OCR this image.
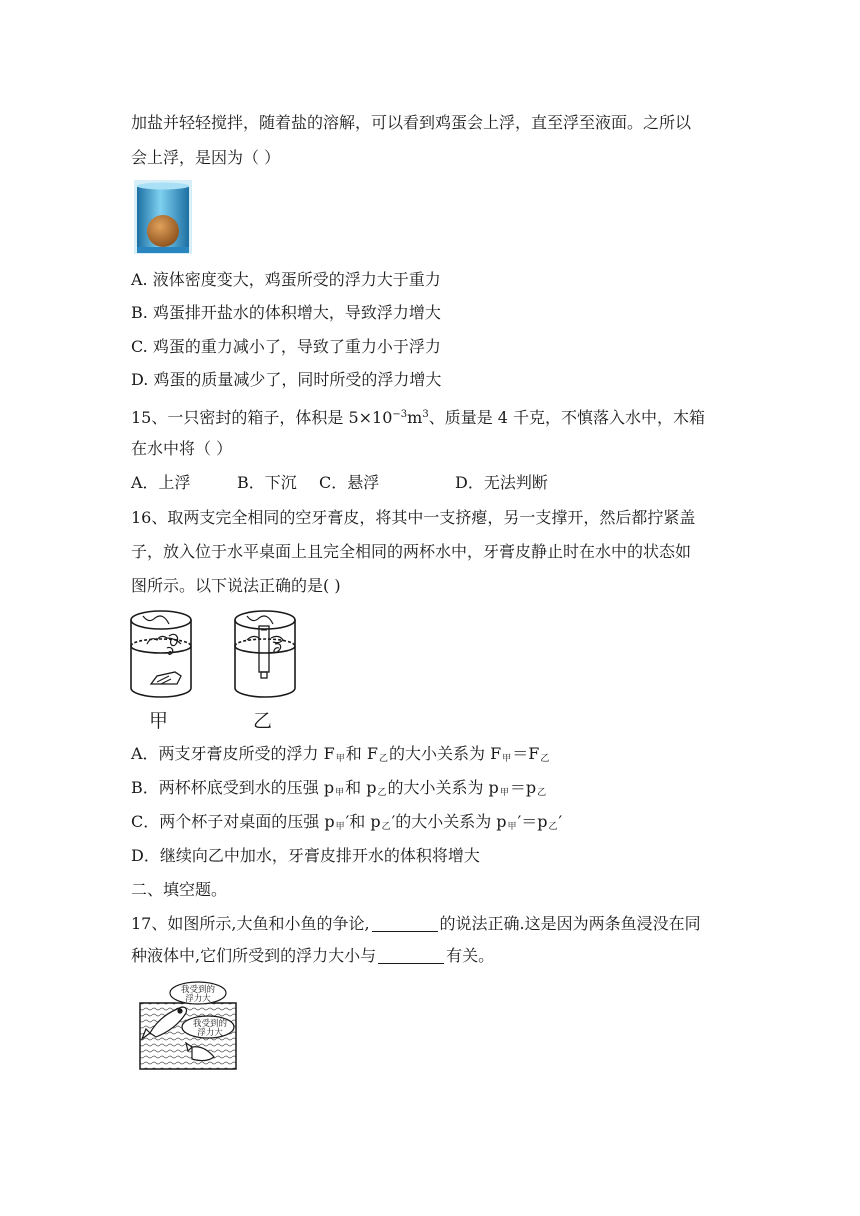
加盐并轻轻搅拌，随着盐的溶解，可以看到鸡蛋会上浮，直至浮至液面。之所以
会上浮，是因为（ ）
A. 液体密度变大，鸡蛋所受的浮力大于重力
B. 鸡蛋排开盐水的体积增大，导致浮力增大
C. 鸡蛋的重力减小了，导致了重力小于浮力
D. 鸡蛋的质量减少了，同时所受的浮力增大
15、一只密封的箱子，体积是 $5\times 10^{-3}m^3$、质量是 4 千克，不慎落入水中，木箱
在水中将（ ）
A．上浮	B．下沉 C．悬浮	D．无法判断
16、取两支完全相同的空牙膏皮，将其中一支挤瘪，另一支撑开，然后都拧紧盖
子，放入位于水平桌面上且完全相同的两杯水中，牙膏皮静止时在水中的状态如
图所示。以下说法正确的是( )
甲	乙
A．两支牙膏皮所受的浮力 $F_甲$和 $F_乙$的大小关系为 $F_甲=F_乙$
B．两杯杯底受到水的压强 $p_甲$和 $p_乙$的大小关系为 $p_甲=p_乙$
C．两个杯子对桌面的压强 $p_甲'$和 $p_乙'$的大小关系为 $p_甲'=p_乙'$
D．继续向乙中加水，牙膏皮排开水的体积将增大
二、填空题。
17、如图所示,大鱼和小鱼的争论,	的说法正确.这是因为两条鱼浸没在同
种液体中,它们所受到的浮力大小与	有关。
我受到的
浮力大
我受到的
浮力大
